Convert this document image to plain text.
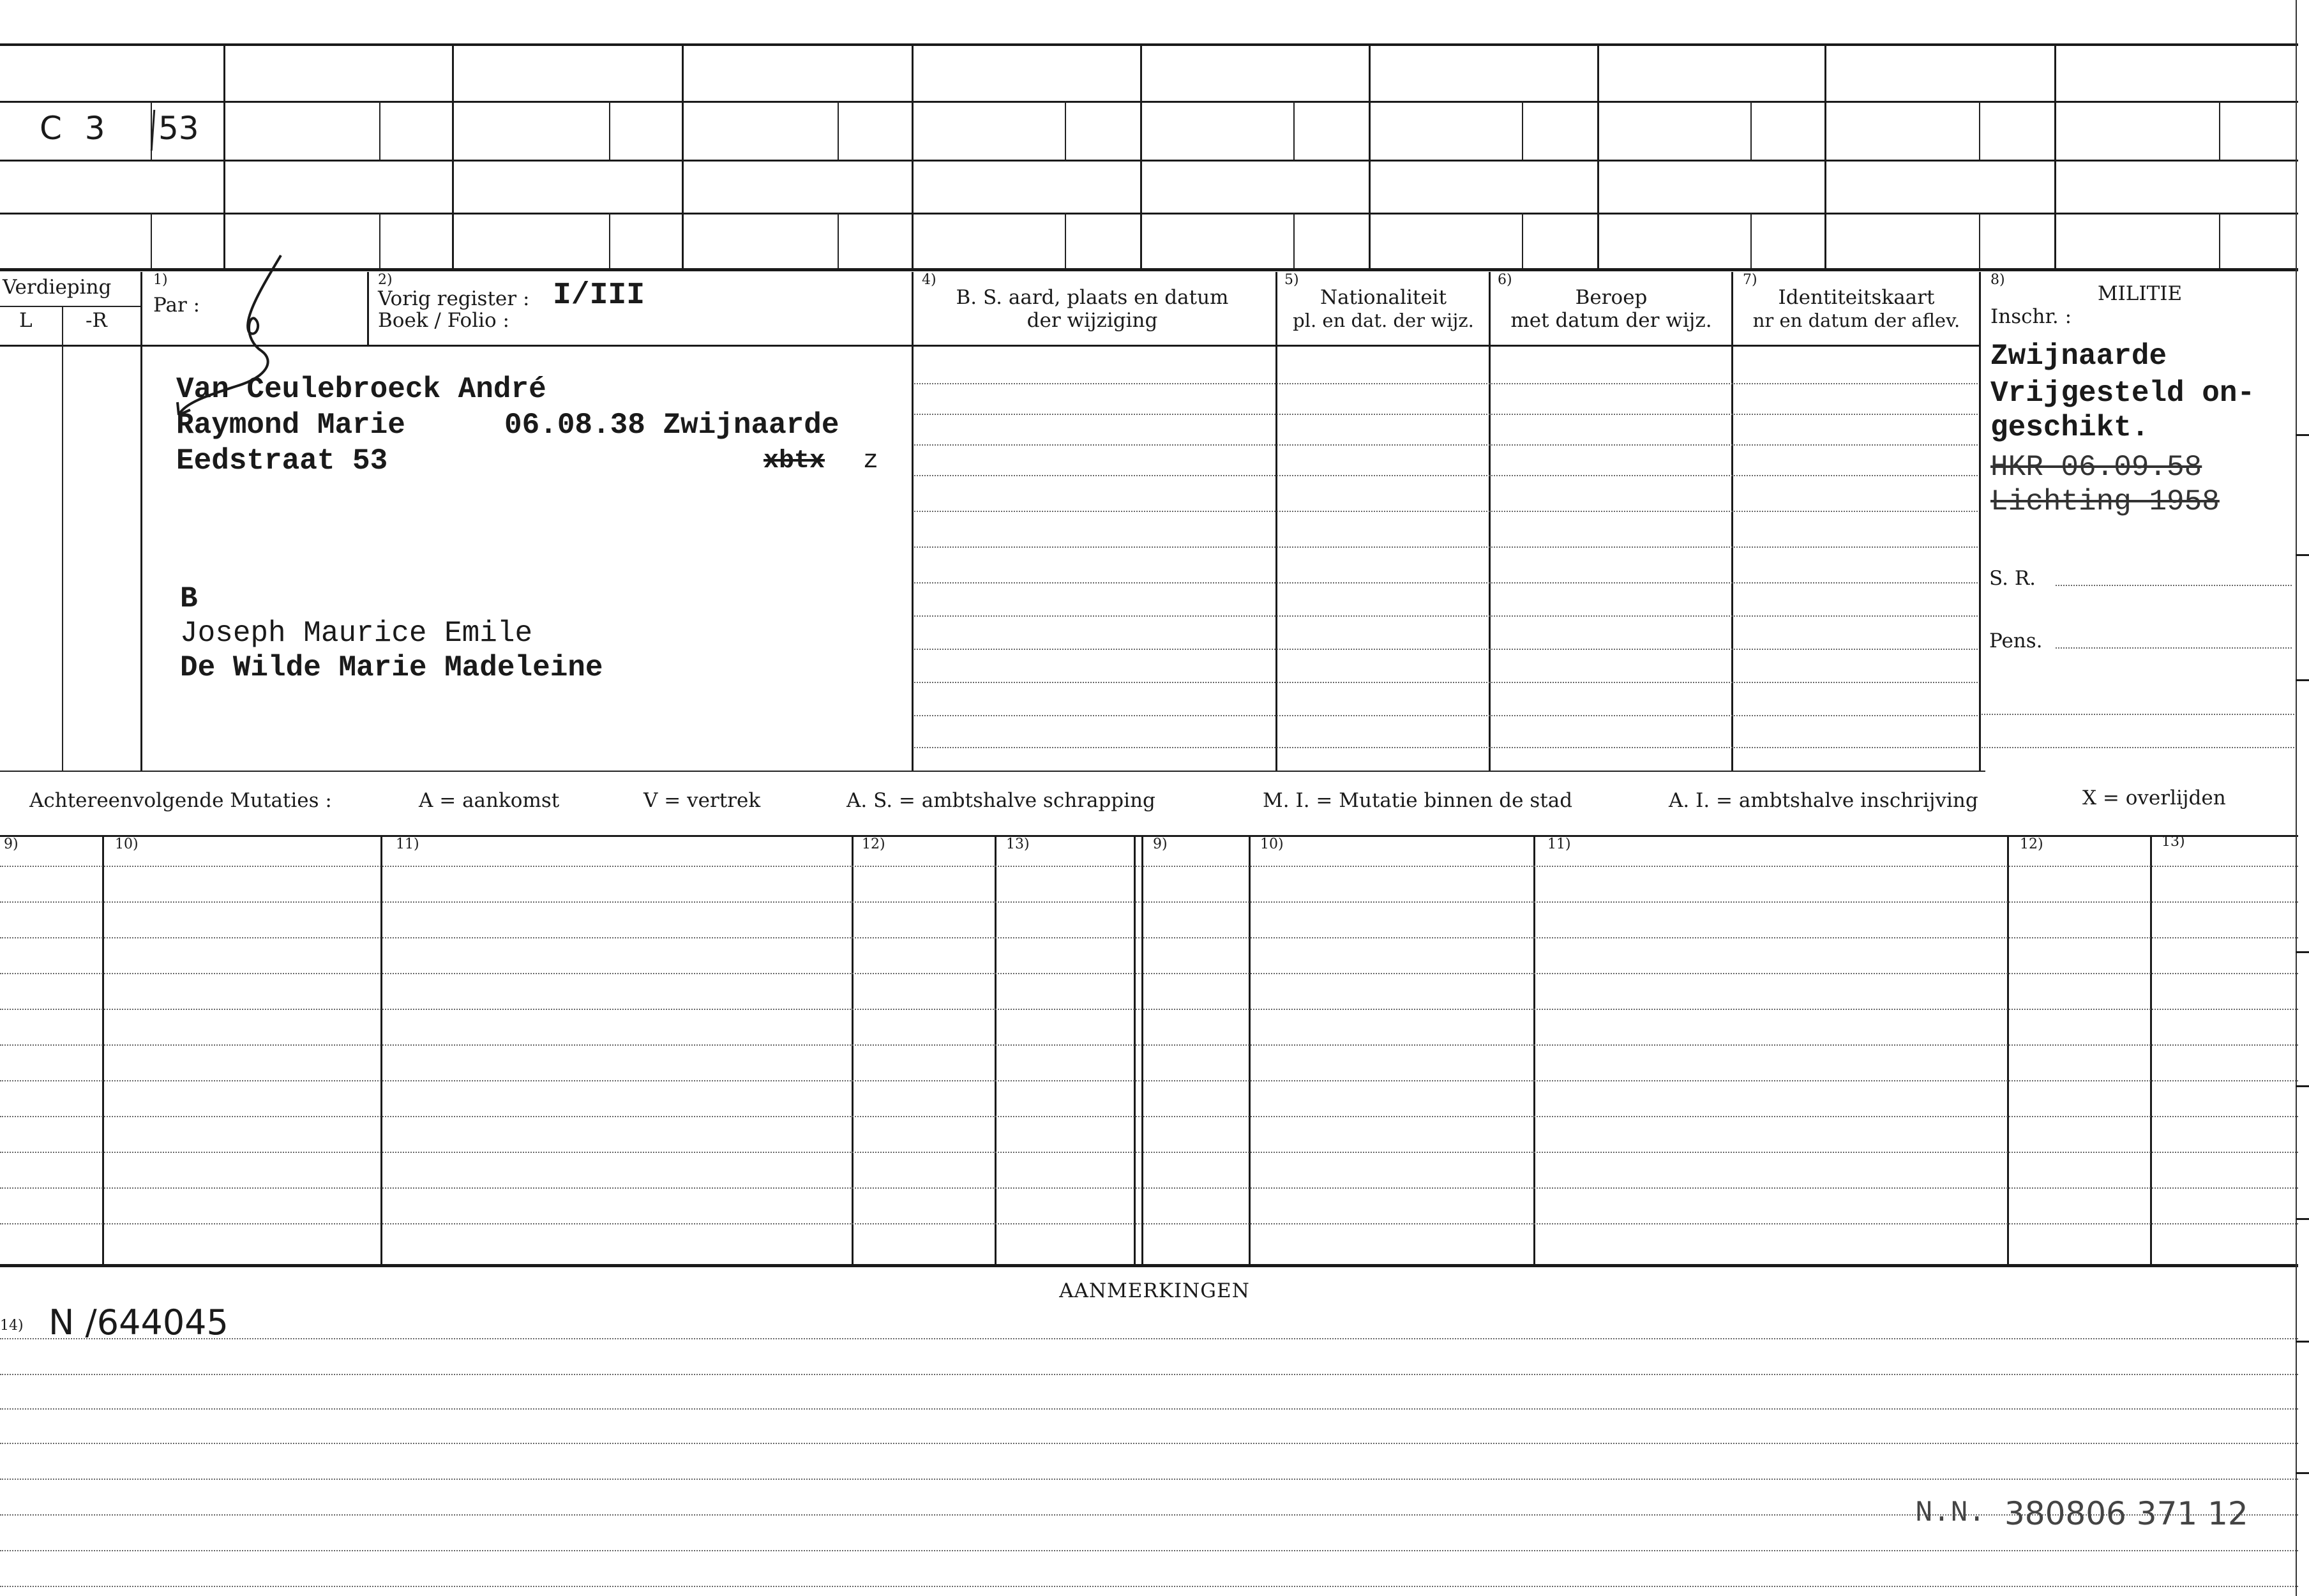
C 3 53
Verdieping
L	-R
1)
Par :
2)
Vorig register : I/III
Boek / Folio :
4)
B. S. aard, plaats en datum
der wijziging
5)
Nationaliteit
pl. en dat. der wijz.
6)
Beroep
met datum der wijz.
7)
Identiteitskaart
nr en datum der aflev.
8)
MILITIE
Inschr. :
Van Ceulebroeck André
Raymond Marie	06.08.38 Zwijnaarde
Eedstraat 53	xbtx z
B
Joseph Maurice Emile
De Wilde Marie Madeleine
Zwijnaarde
Vrijgesteld on-
geschikt.
HKR 06.09.58
Lichting 1958
S. R.
Pens.
Achtereenvolgende Mutaties :	A = aankomst	V = vertrek	A. S. = ambtshalve schrapping	M. I. = Mutatie binnen de stad	A. I. = ambtshalve inschrijving	X = overlijden
9)	10)	11)	12)	13)	9)	10)	11)	12)	13)
AANMERKINGEN
14) N /644045
N.N. 380806 371 12
